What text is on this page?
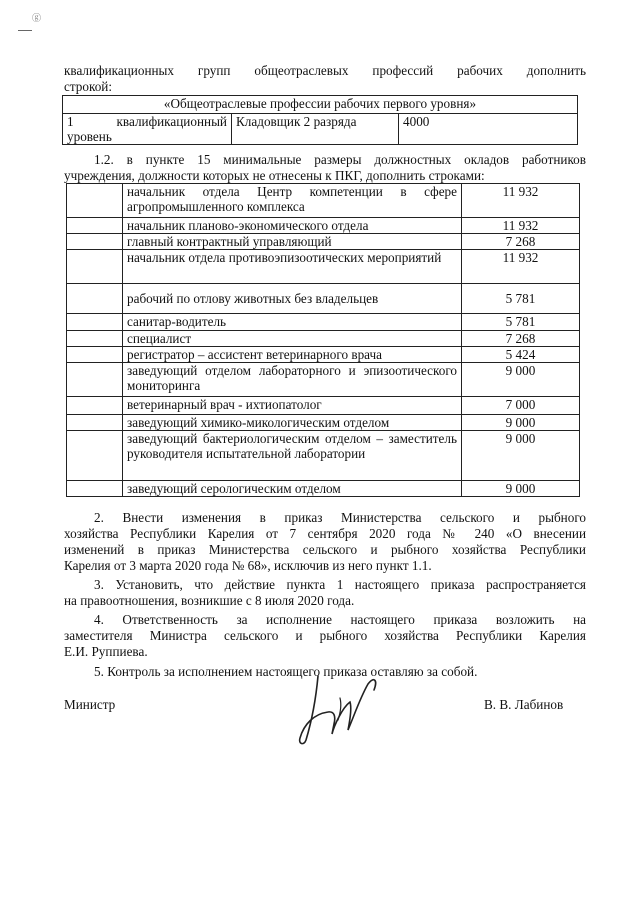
ⓖ
квалификационных групп общеотраслевых профессий рабочих дополнить
строкой:
«Общеотраслевые профессии рабочих первого уровня»

1 квалификационный
уровень	Кладовщик 2 разряда	4000
1.2. в пункте 15 минимальные размеры должностных окладов работников
учреждения, должности которых не отнесены к ПКГ, дополнить строками:
	начальник отдела Центр компетенции в сфере агропромышленного комплекса	11 932
	начальник планово-экономического отдела	11 932
	главный контрактный управляющий	7 268
	начальник отдела противоэпизоотических мероприятий	11 932
	рабочий по отлову животных без владельцев	5 781
	санитар-водитель	5 781
	специалист	7 268
	регистратор – ассистент ветеринарного врача	5 424
	заведующий отделом лабораторного и эпизоотического мониторинга	9 000
	ветеринарный врач - ихтиопатолог	7 000
	заведующий химико-микологическим отделом	9 000
	заведующий бактериологическим отделом – заместитель руководителя испытательной лаборатории	9 000
	заведующий серологическим отделом	9 000
2. Внести изменения в приказ Министерства сельского и рыбного
хозяйства Республики Карелия от 7 сентября 2020 года № 240 «О внесении
изменений в приказ Министерства сельского и рыбного хозяйства Республики
Карелия от 3 марта 2020 года № 68», исключив из него пункт 1.1.
3. Установить, что действие пункта 1 настоящего приказа распространяется
на правоотношения, возникшие с 8 июля 2020 года.
4. Ответственность за исполнение настоящего приказа возложить на
заместителя Министра сельского и рыбного хозяйства Республики Карелия
Е.И. Руппиева.
5. Контроль за исполнением настоящего приказа оставляю за собой.
Министр	В. В. Лабинов
